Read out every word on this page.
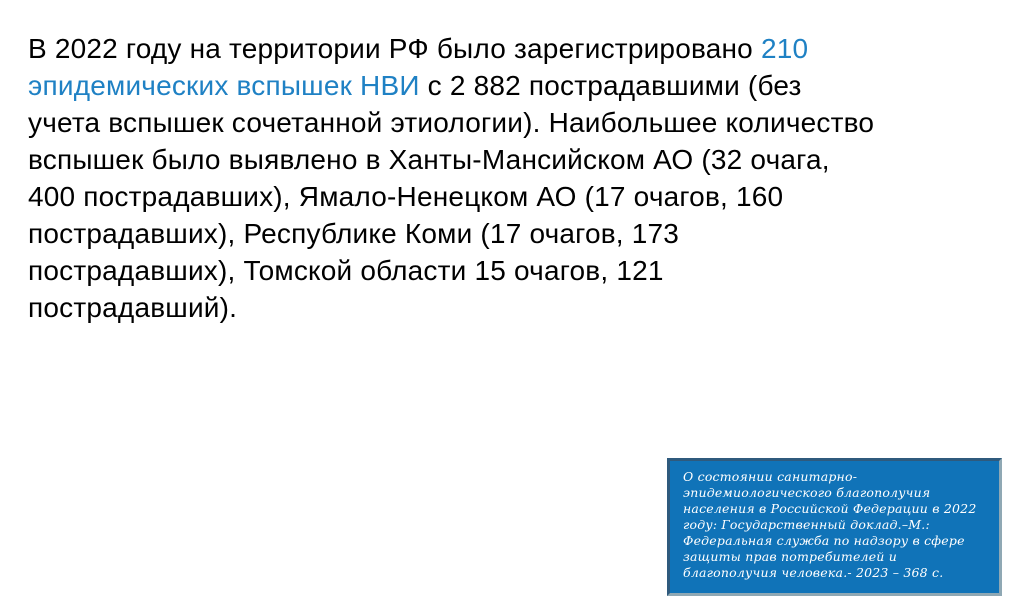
В 2022 году на территории РФ было зарегистрировано 210 эпидемических вспышек НВИ с 2 882 пострадавшими (без учета вспышек сочетанной этиологии). Наибольшее количество вспышек было выявлено в Ханты-Мансийском АО (32 очага, 400 пострадавших), Ямало-Ненецком АО (17 очагов, 160 пострадавших), Республике Коми (17 очагов, 173 пострадавших), Томской области 15 очагов, 121 пострадавший).

О состоянии санитарно-эпидемиологического благополучия населения в Российской Федерации в 2022 году: Государственный доклад.–М.: Федеральная служба по надзору в сфере защиты прав потребителей и благополучия человека.- 2023 – 368 с.
